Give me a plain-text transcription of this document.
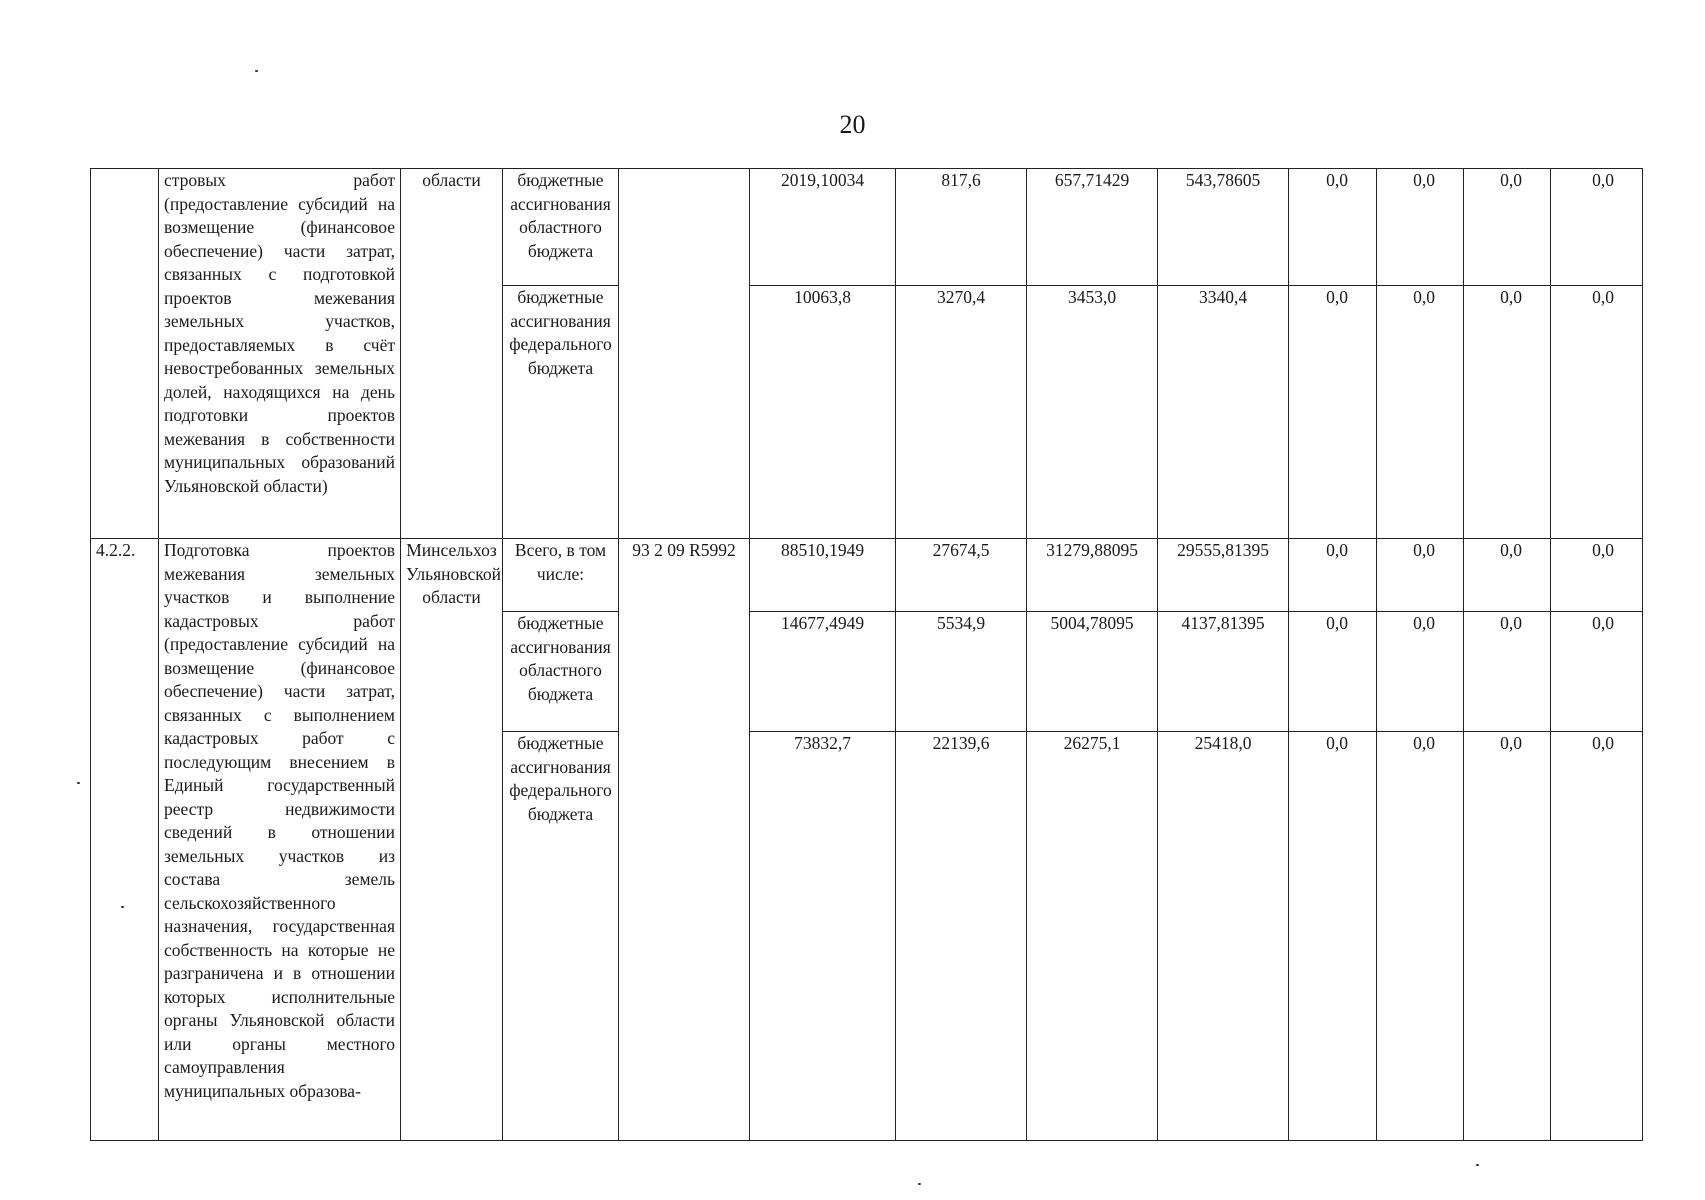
20
	стровых работ (предоставление субсидий на возмещение (финансовое обеспечение) части затрат, связанных с подготовкой проектов межевания земельных участков, предоставляемых в счёт невостребованных земельных долей, находящихся на день подготовки проектов межевания в собственности муниципальных образований Ульяновской области)	области	бюджетные ассигнования областного бюджета		2019,10034	817,6	657,71429	543,78605	0,0	0,0	0,0	0,0
			бюджетные ассигнования федерального бюджета		10063,8	3270,4	3453,0	3340,4	0,0	0,0	0,0	0,0
4.2.2.	Подготовка проектов межевания земельных участков и выполнение кадастровых работ (предоставление субсидий на возмещение (финансовое обеспечение) части затрат, связанных с выполнением кадастровых работ с последующим внесением в Единый государственный реестр недвижимости сведений в отношении земельных участков из состава земель сельскохозяйственного назначения, государственная собственность на которые не разграничена и в отношении которых исполнительные органы Ульяновской области или органы местного самоуправления муниципальных образова-	Минсельхоз Ульяновской области	Всего, в том числе:	93 2 09 R5992	88510,1949	27674,5	31279,88095	29555,81395	0,0	0,0	0,0	0,0
			бюджетные ассигнования областного бюджета		14677,4949	5534,9	5004,78095	4137,81395	0,0	0,0	0,0	0,0
			бюджетные ассигнования федерального бюджета		73832,7	22139,6	26275,1	25418,0	0,0	0,0	0,0	0,0
